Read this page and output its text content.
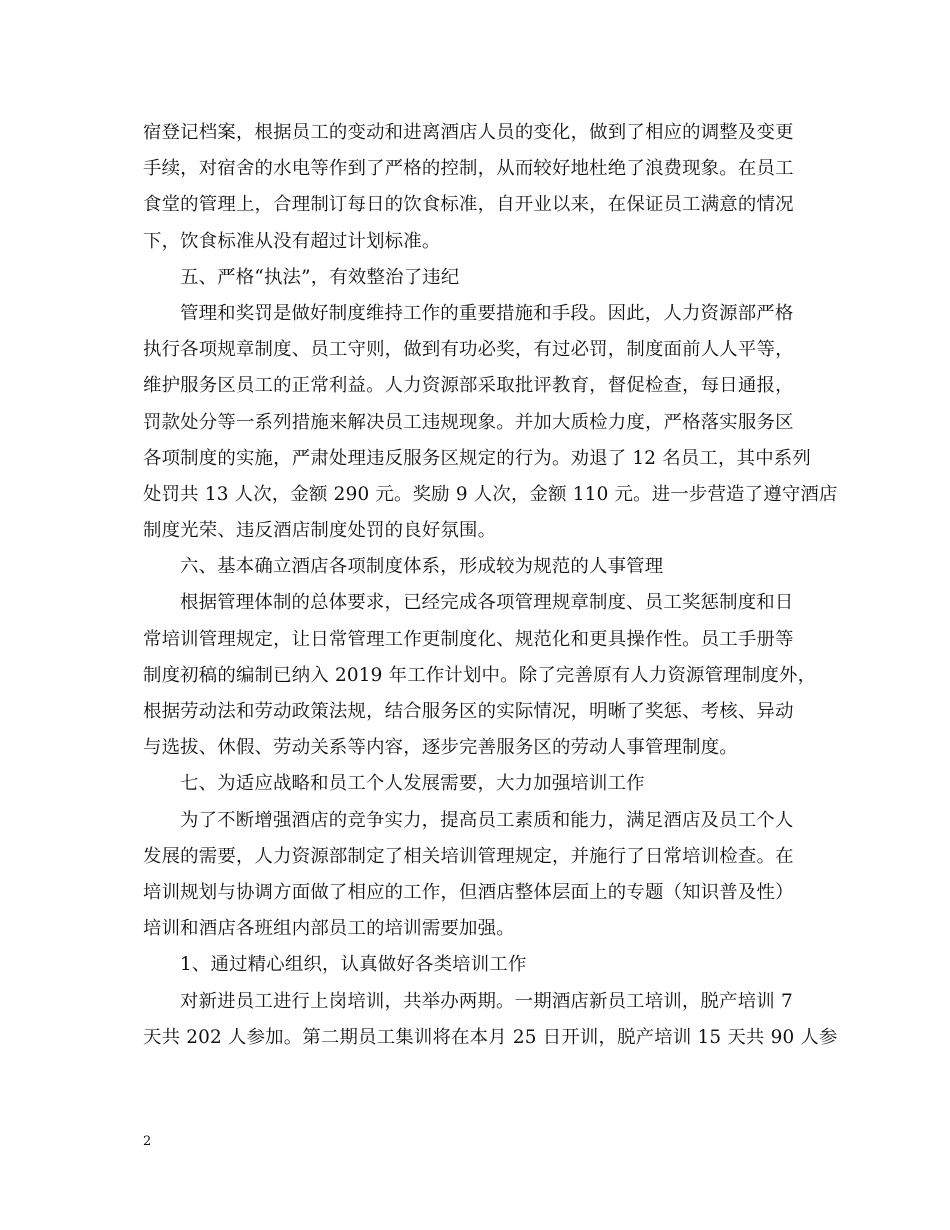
宿登记档案，根据员工的变动和进离酒店人员的变化，做到了相应的调整及变更
手续，对宿舍的水电等作到了严格的控制，从而较好地杜绝了浪费现象。在员工
食堂的管理上，合理制订每日的饮食标准，自开业以来，在保证员工满意的情况
下，饮食标准从没有超过计划标准。
五、严格“执法”，有效整治了违纪
管理和奖罚是做好制度维持工作的重要措施和手段。因此，人力资源部严格
执行各项规章制度、员工守则，做到有功必奖，有过必罚，制度面前人人平等，
维护服务区员工的正常利益。人力资源部采取批评教育，督促检查，每日通报，
罚款处分等一系列措施来解决员工违规现象。并加大质检力度，严格落实服务区
各项制度的实施，严肃处理违反服务区规定的行为。劝退了 12 名员工，其中系列
处罚共 13 人次，金额 290 元。奖励 9 人次，金额 110 元。进一步营造了遵守酒店
制度光荣、违反酒店制度处罚的良好氛围。
六、基本确立酒店各项制度体系，形成较为规范的人事管理
根据管理体制的总体要求，已经完成各项管理规章制度、员工奖惩制度和日
常培训管理规定，让日常管理工作更制度化、规范化和更具操作性。员工手册等
制度初稿的编制已纳入 2019 年工作计划中。除了完善原有人力资源管理制度外，
根据劳动法和劳动政策法规，结合服务区的实际情况，明晰了奖惩、考核、异动
与选拔、休假、劳动关系等内容，逐步完善服务区的劳动人事管理制度。
七、为适应战略和员工个人发展需要，大力加强培训工作
为了不断增强酒店的竞争实力，提高员工素质和能力，满足酒店及员工个人
发展的需要，人力资源部制定了相关培训管理规定，并施行了日常培训检查。在
培训规划与协调方面做了相应的工作，但酒店整体层面上的专题（知识普及性）
培训和酒店各班组内部员工的培训需要加强。
1、通过精心组织，认真做好各类培训工作
对新进员工进行上岗培训，共举办两期。一期酒店新员工培训，脱产培训 7
天共 202 人参加。第二期员工集训将在本月 25 日开训，脱产培训 15 天共 90 人参
2
